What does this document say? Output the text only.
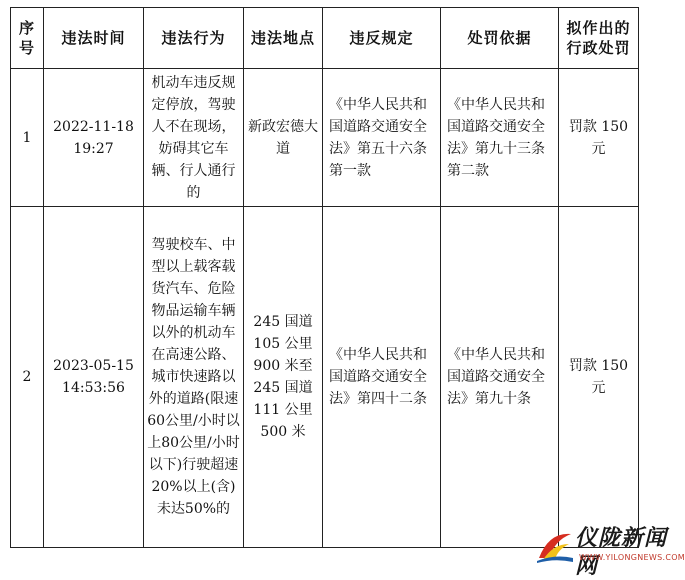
序号	违法时间	违法行为	违法地点	违反规定	处罚依据	拟作出的行政处罚
1	2022-11-18 19:27	机动车违反规定停放，驾驶人不在现场，妨碍其它车辆、行人通行的	新政宏德大道	《中华人民共和国道路交通安全法》第五十六条第一款	《中华人民共和国道路交通安全法》第九十三条第二款	罚款 150 元

2	2023-05-15 14:53:56	驾驶校车、中型以上载客载货汽车、危险物品运输车辆以外的机动车在高速公路、城市快速路以外的道路(限速60公里/小时以上80公里/小时以下)行驶超速20%以上(含)未达50%的	245 国道 105 公里 900 米至 245 国道 111 公里 500 米	《中华人民共和国道路交通安全法》第四十二条	《中华人民共和国道路交通安全法》第九十条	罚款 150 元
仪陇新闻网
WWW.YILONGNEWS.COM
